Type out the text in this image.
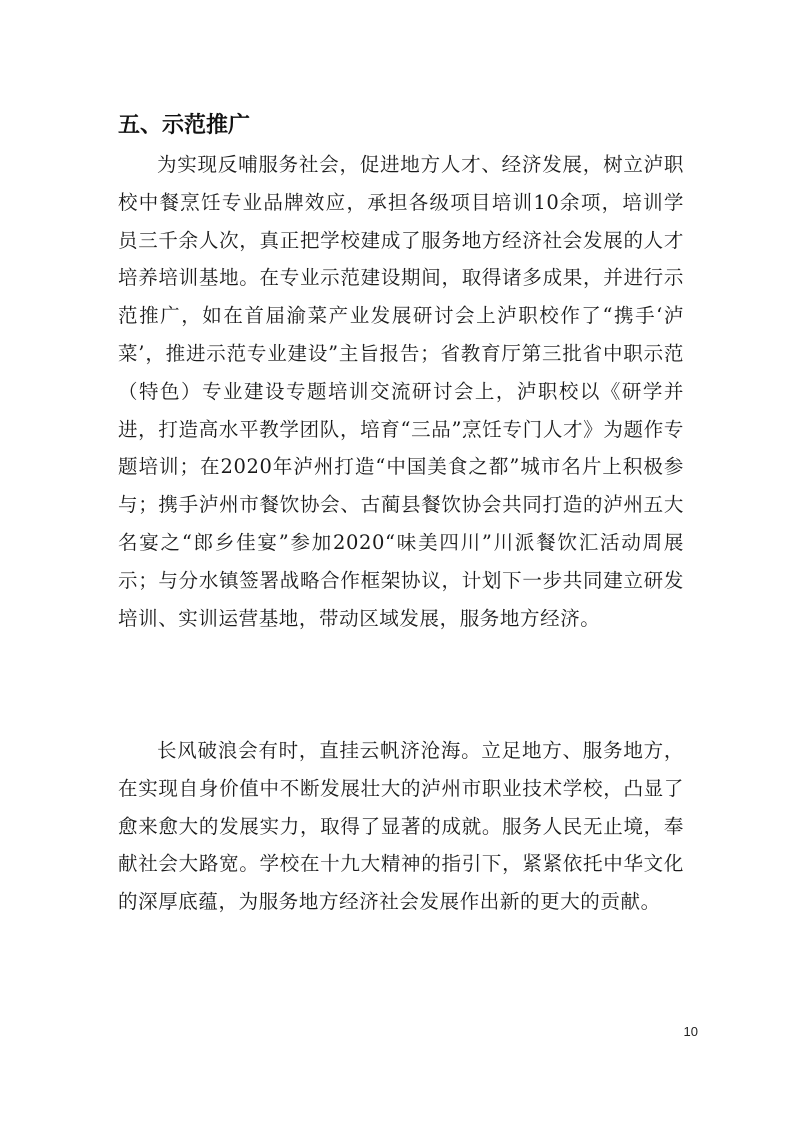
五、示范推广

为实现反哺服务社会，促进地方人才、经济发展，树立泸职校中餐烹饪专业品牌效应，承担各级项目培训10余项，培训学员三千余人次，真正把学校建成了服务地方经济社会发展的人才培养培训基地。在专业示范建设期间，取得诸多成果，并进行示范推广，如在首届渝菜产业发展研讨会上泸职校作了“携手‘泸菜’，推进示范专业建设”主旨报告；省教育厅第三批省中职示范（特色）专业建设专题培训交流研讨会上，泸职校以《研学并进，打造高水平教学团队，培育“三品”烹饪专门人才》为题作专题培训；在2020年泸州打造“中国美食之都”城市名片上积极参与；携手泸州市餐饮协会、古蔺县餐饮协会共同打造的泸州五大名宴之“郎乡佳宴”参加2020“味美四川”川派餐饮汇活动周展示；与分水镇签署战略合作框架协议，计划下一步共同建立研发培训、实训运营基地，带动区域发展，服务地方经济。

长风破浪会有时，直挂云帆济沧海。立足地方、服务地方，在实现自身价值中不断发展壮大的泸州市职业技术学校，凸显了愈来愈大的发展实力，取得了显著的成就。服务人民无止境，奉献社会大路宽。学校在十九大精神的指引下，紧紧依托中华文化的深厚底蕴，为服务地方经济社会发展作出新的更大的贡献。

10
